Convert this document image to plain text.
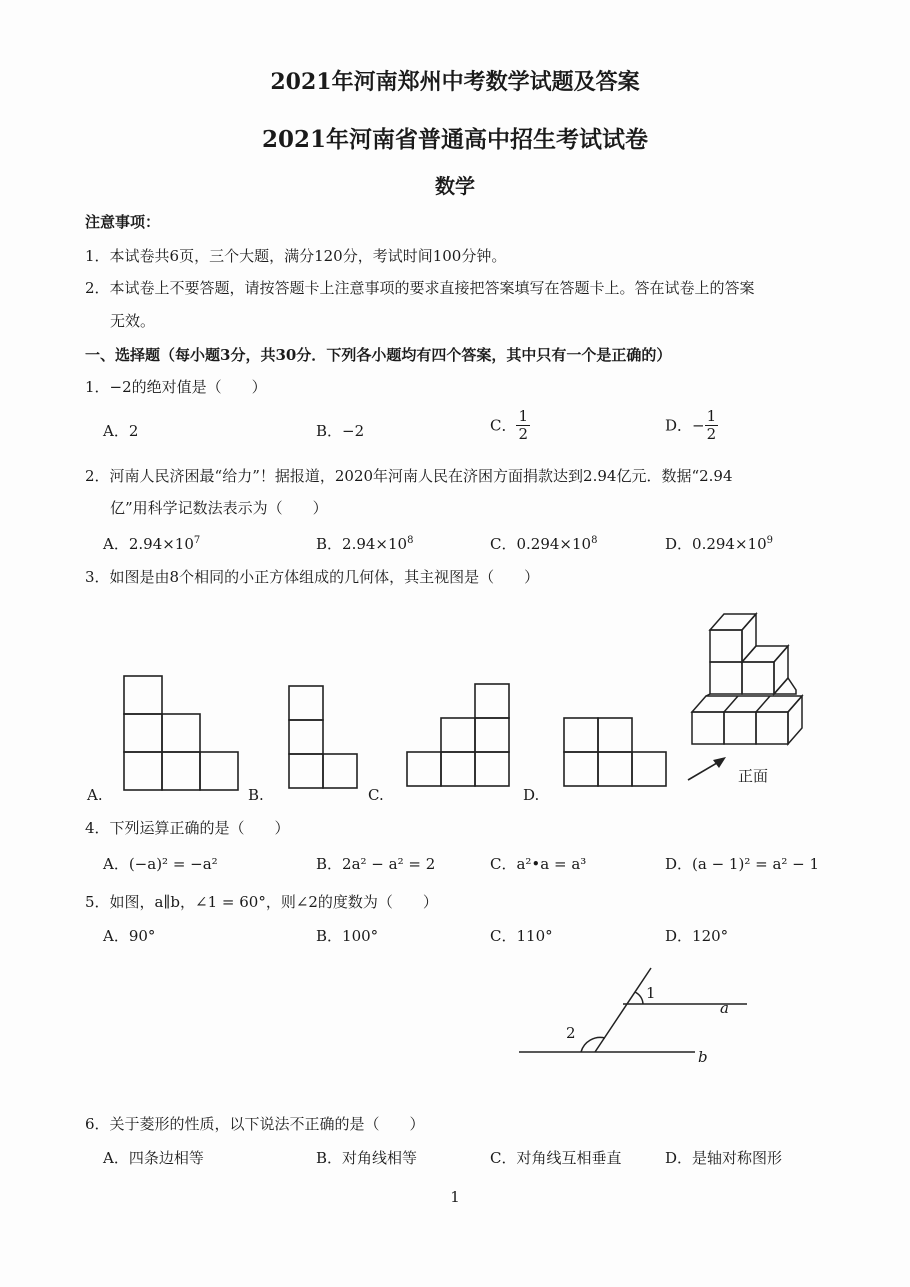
2021年河南郑州中考数学试题及答案
2021年河南省普通高中招生考试试卷
数学
注意事项：
1．本试卷共6页，三个大题，满分120分，考试时间100分钟。
2．本试卷上不要答题，请按答题卡上注意事项的要求直接把答案填写在答题卡上。答在试卷上的答案
无效。
一、选择题（每小题3分，共30分．下列各小题均有四个答案，其中只有一个是正确的）
1．−2的绝对值是（　　）
A．2	B．−2	C． $\frac{1}{2}$	D．− $\frac{1}{2}$
2．河南人民济困最“给力”！据报道，2020年河南人民在济困方面捐款达到2.94亿元．数据“2.94
亿”用科学记数法表示为（　　）
A．$2.94\times 10^7$	B．$2.94\times 10^8$	C．$0.294\times 10^8$	D．$0.294\times 10^9$
3．如图是由8个相同的小正方体组成的几何体，其主视图是（　　）
A.	B.	C.	D.
正面
4．下列运算正确的是（　　）
A．(−a)² = −a²	B．2a² − a² = 2	C．a²•a = a³	D．(a − 1)² = a² − 1
5．如图，a∥b，∠1 = 60°，则∠2的度数为（　　）
A．90°	B．100°	C．110°	D．120°
1
2
a
b
6．关于菱形的性质，以下说法不正确的是（　　）
A．四条边相等	B．对角线相等	C．对角线互相垂直	D．是轴对称图形
1
